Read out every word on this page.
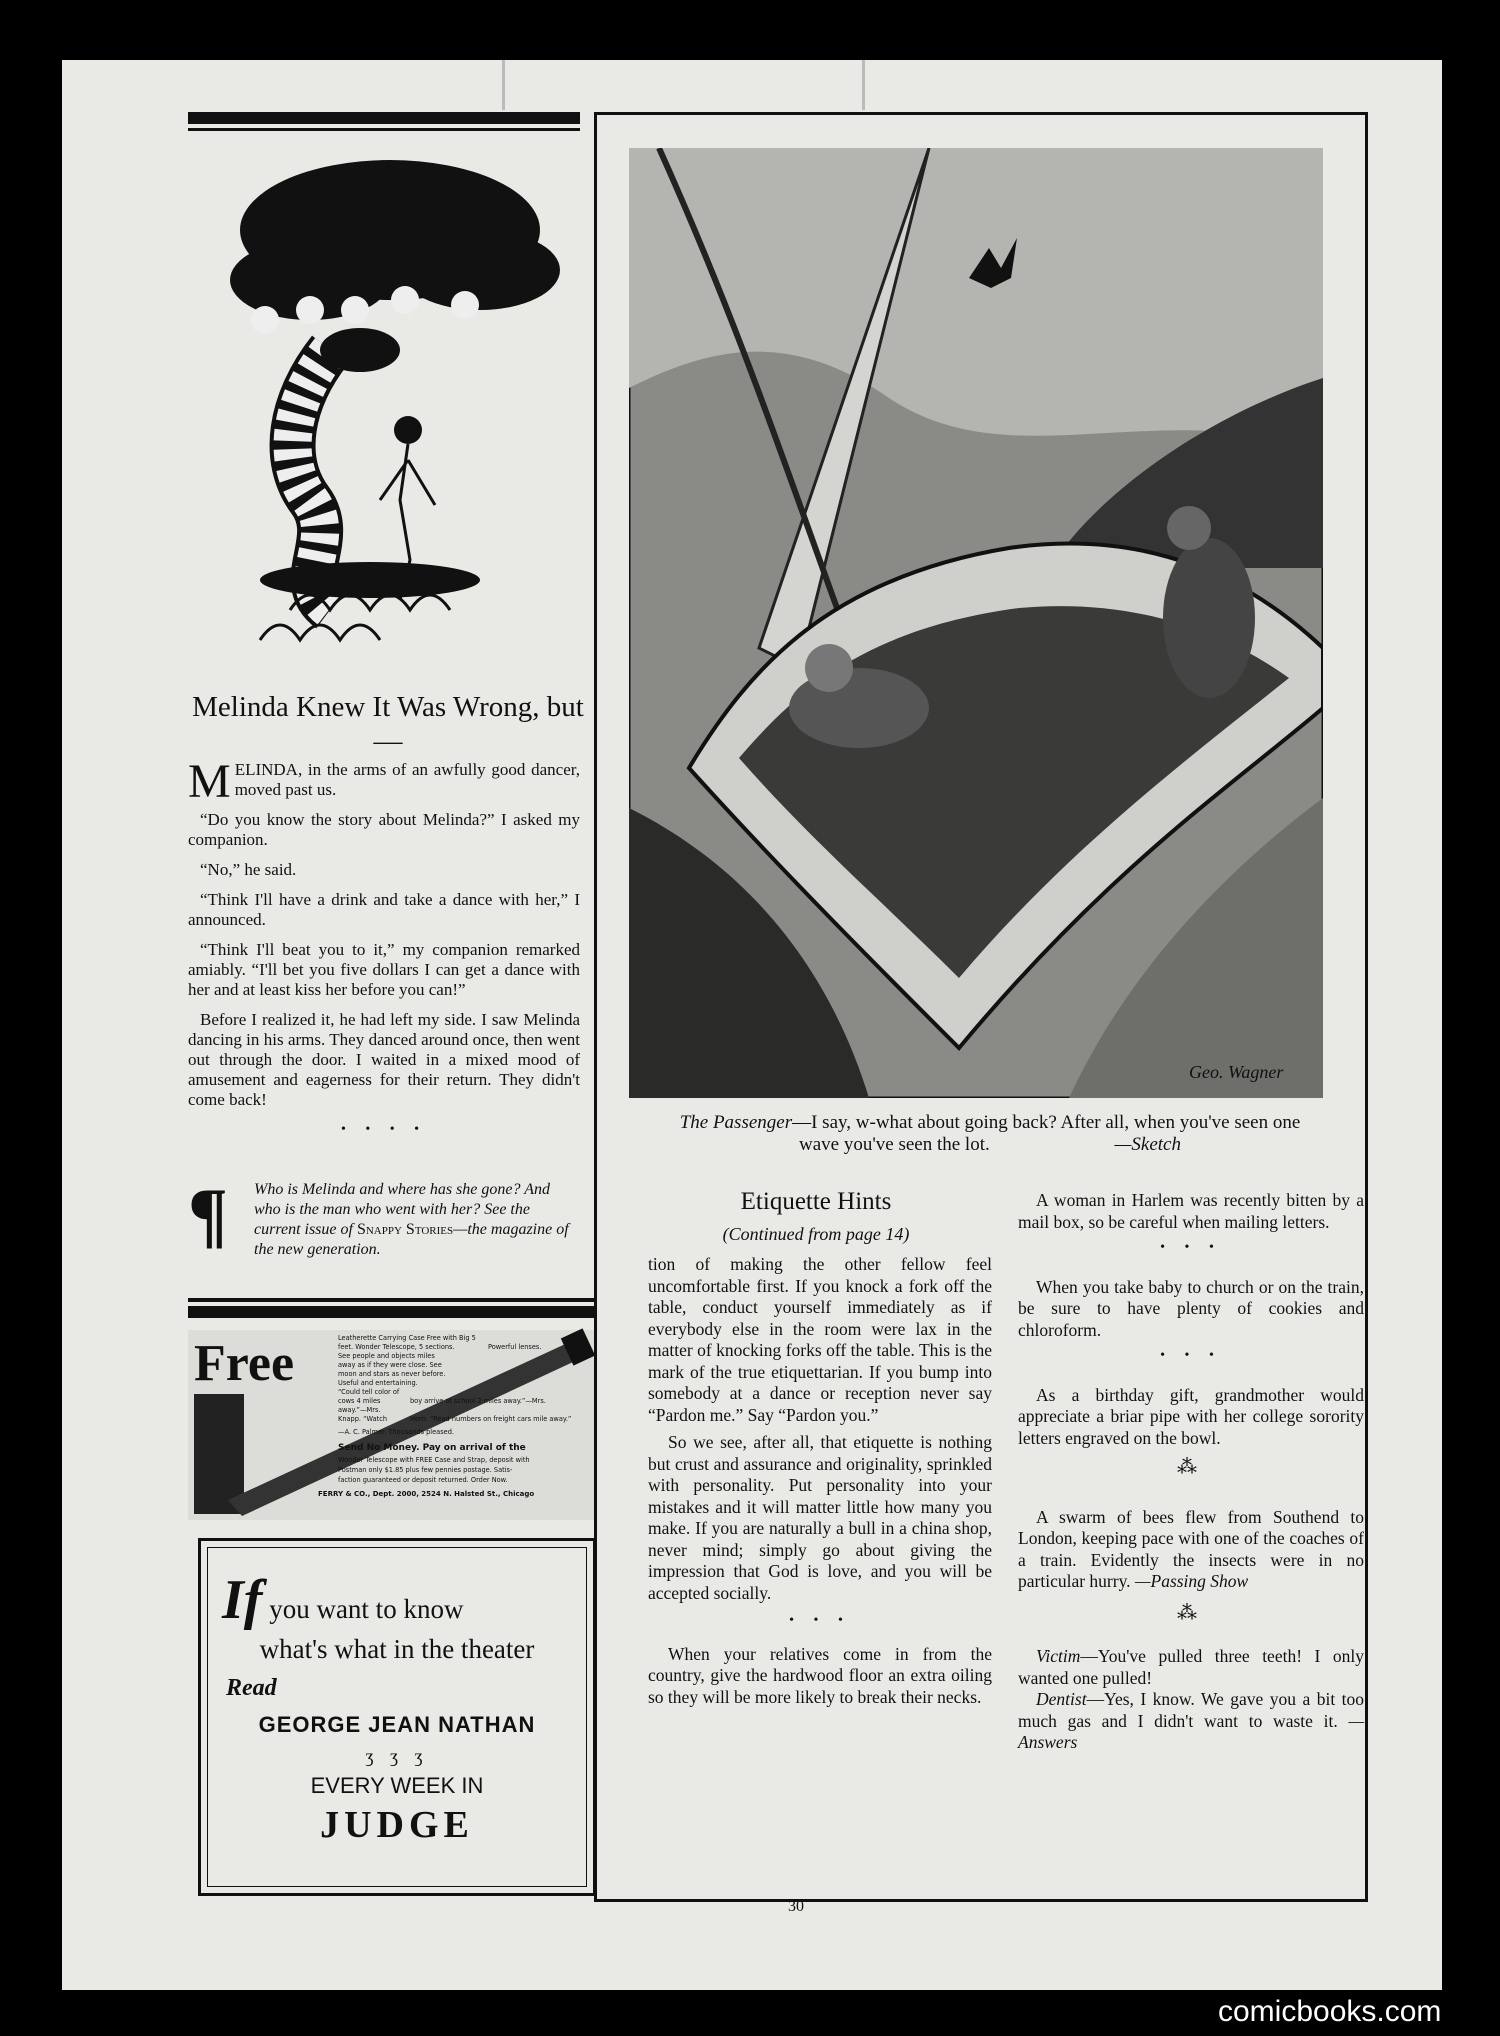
Melinda Knew It Was Wrong, but—

MELINDA, in the arms of an awfully good dancer, moved past us.

“Do you know the story about Melinda?” I asked my companion.

“No,” he said.

“Think I'll have a drink and take a dance with her,” I announced.

“Think I'll beat you to it,” my companion remarked amiably. “I'll bet you five dollars I can get a dance with her and at least kiss her before you can!”

Before I realized it, he had left my side. I saw Melinda dancing in his arms. They danced around once, then went out through the door. I waited in a mixed mood of amusement and eagerness for their return. They didn't come back!

• • • •
¶ Who is Melinda and where has she gone? And who is the man who went with her? See the current issue of Snappy Stories—the magazine of the new generation.
Free	Leatherette Carrying Case Free with Big 5
feet. Wonder Telescope, 5 sections.	Powerful lenses.
See people and objects miles
away as if they were close. See
moon and stars as never before.
Useful and entertaining.
“Could tell color of
cows 4 miles
away.”—Mrs.
Knapp. “Watch
boy arrive at school 2 miles away.”—Mrs.
Horn. “Read numbers on freight cars mile away.”
—A. C. Palmer. Thousands pleased.
Send No Money. Pay on arrival of the
Wonder Telescope with FREE Case and Strap, deposit with
Postman only $1.85 plus few pennies postage. Satis-
faction guaranteed or deposit returned. Order Now.
FERRY & CO., Dept. 2000, 2524 N. Halsted St., Chicago
If you want to know
what's what in the theater
Read
GEORGE JEAN NATHAN
ʒ ʒ ʒ
EVERY WEEK IN
JUDGE
Geo. Wagner
The Passenger—I say, w-what about going back? After all, when you've seen one wave you've seen the lot.	—Sketch
Etiquette Hints
(Continued from page 14)

tion of making the other fellow feel uncomfortable first. If you knock a fork off the table, conduct yourself immediately as if everybody else in the room were lax in the matter of knocking forks off the table. This is the mark of the true etiquettarian. If you bump into somebody at a dance or reception never say “Pardon me.” Say “Pardon you.”

So we see, after all, that etiquette is nothing but crust and assurance and originality, sprinkled with personality. Put personality into your mistakes and it will matter little how many you make. If you are naturally a bull in a china shop, never mind; simply go about giving the impression that God is love, and you will be accepted socially.

• • •

When your relatives come in from the country, give the hardwood floor an extra oiling so they will be more likely to break their necks.

A woman in Harlem was recently bitten by a mail box, so be careful when mailing letters.

• • •

When you take baby to church or on the train, be sure to have plenty of cookies and chloroform.

• • •

As a birthday gift, grandmother would appreciate a briar pipe with her college sorority letters engraved on the bowl.

⁂

A swarm of bees flew from Southend to London, keeping pace with one of the coaches of a train. Evidently the insects were in no particular hurry. —Passing Show

⁂

Victim—You've pulled three teeth! I only wanted one pulled!

Dentist—Yes, I know. We gave you a bit too much gas and I didn't want to waste it. —Answers

30
comicbooks.com
